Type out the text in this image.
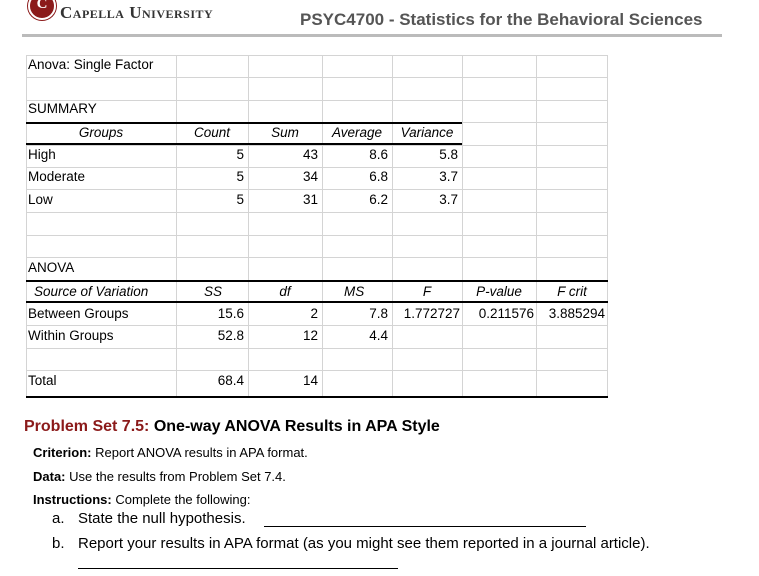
C
Capella University	PSYC4700 - Statistics for the Behavioral Sciences
Anova: Single Factor
SUMMARY
Groups	Count	Sum	Average	Variance
High	5	43	8.6	5.8
Moderate	5	34	6.8	3.7
Low	5	31	6.2	3.7
ANOVA
Source of Variation	SS	df	MS	F	P-value	F crit
Between Groups	15.6	2	7.8	1.772727	0.211576	3.885294
Within Groups	52.8	12	4.4
Total	68.4	14
Problem Set 7.5: One-way ANOVA Results in APA Style
Criterion: Report ANOVA results in APA format.
Data: Use the results from Problem Set 7.4.
Instructions: Complete the following:
a. State the null hypothesis.
b. Report your results in APA format (as you might see them reported in a journal article).
